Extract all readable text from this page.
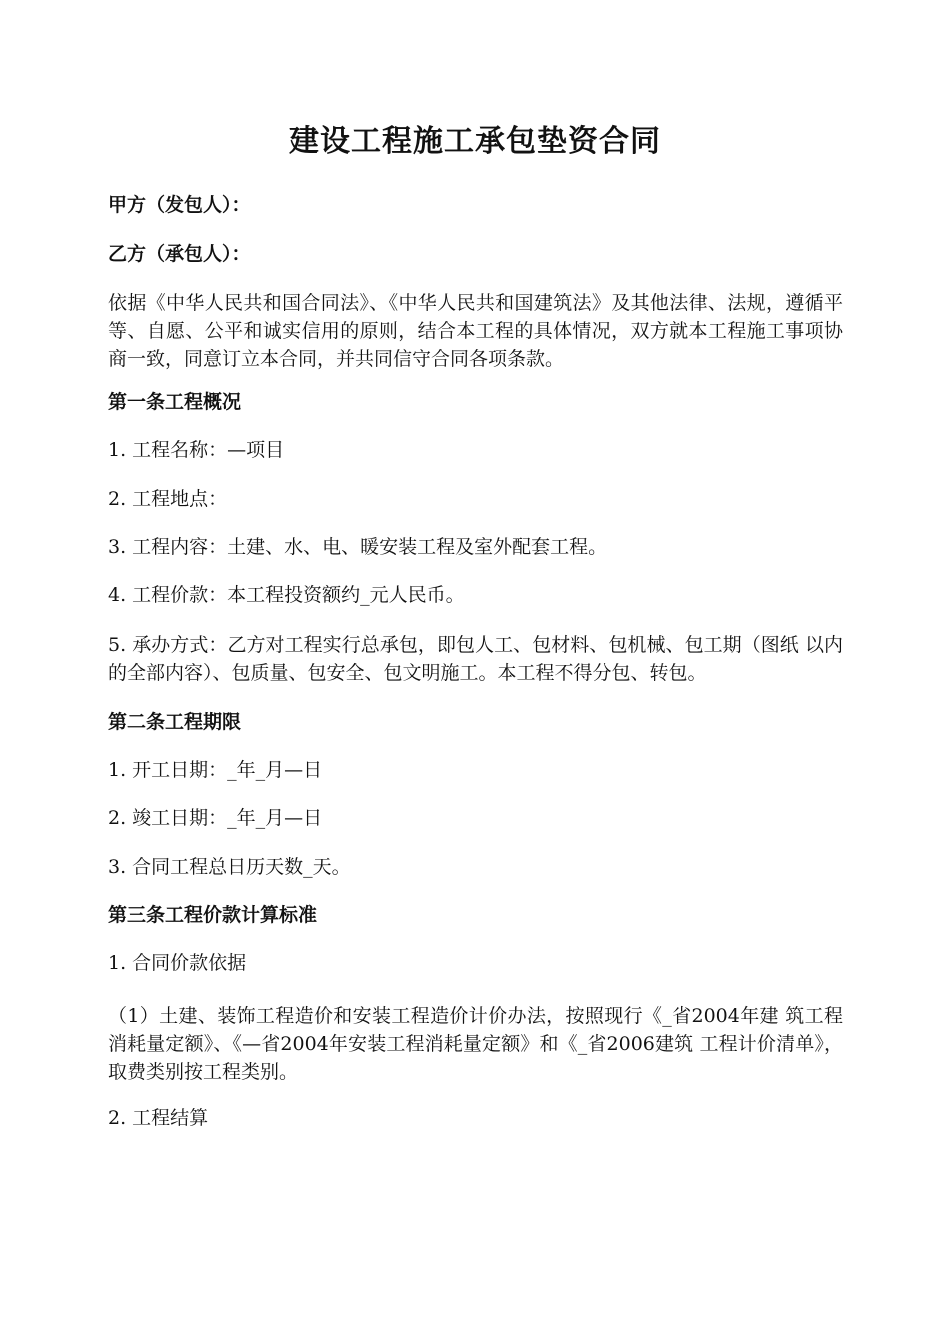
建设工程施工承包垫资合同
甲方（发包人）：
乙方（承包人）：
依据《中华人民共和国合同法》、《中华人民共和国建筑法》及其他法律、法规，遵循平等、自愿、公平和诚实信用的原则，结合本工程的具体情况，双方就本工程施工事项协商一致，同意订立本合同，并共同信守合同各项条款。
第一条工程概况
1. 工程名称：—项目
2. 工程地点：
3. 工程内容：土建、水、电、暖安装工程及室外配套工程。
4. 工程价款：本工程投资额约_元人民币。
5. 承办方式：乙方对工程实行总承包，即包人工、包材料、包机械、包工期（图纸 以内的全部内容）、包质量、包安全、包文明施工。本工程不得分包、转包。
第二条工程期限
1. 开工日期：_年_月—日
2. 竣工日期：_年_月—日
3. 合同工程总日历天数_天。
第三条工程价款计算标准
1. 合同价款依据
（1）土建、装饰工程造价和安装工程造价计价办法，按照现行《_省2004年建 筑工程消耗量定额》、《—省2004年安装工程消耗量定额》和《_省2006建筑 工程计价清单》，取费类别按工程类别。
2. 工程结算
